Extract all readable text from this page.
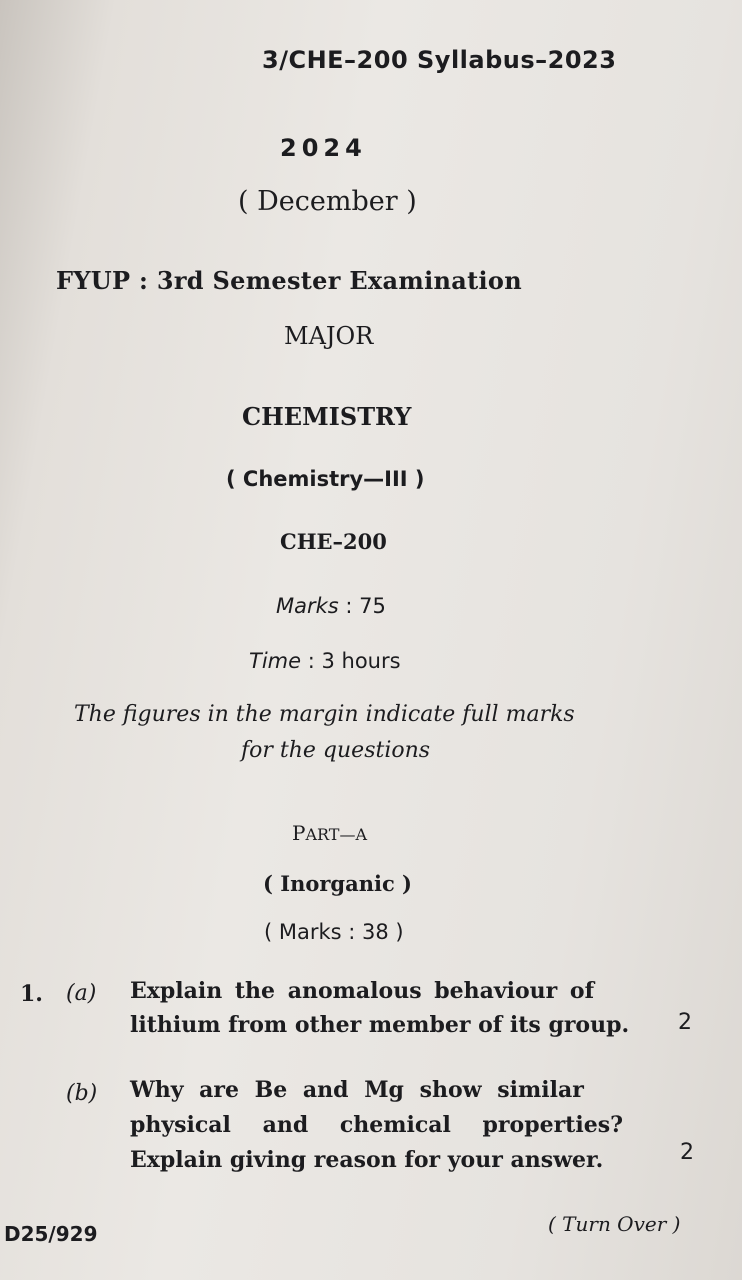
3/CHE–200 Syllabus–2023
2024
( December )
FYUP : 3rd Semester Examination
MAJOR
CHEMISTRY
( Chemistry—III )
CHE–200
Marks : 75
Time : 3 hours
The figures in the margin indicate full marks
for the questions
PART—A
( Inorganic )
( Marks : 38 )
1. (a) Explain the anomalous behaviour of
lithium from other member of its group. 2
(b) Why are Be and Mg show similar
physical and chemical properties?
Explain giving reason for your answer.	2
D25/929	( Turn Over )
